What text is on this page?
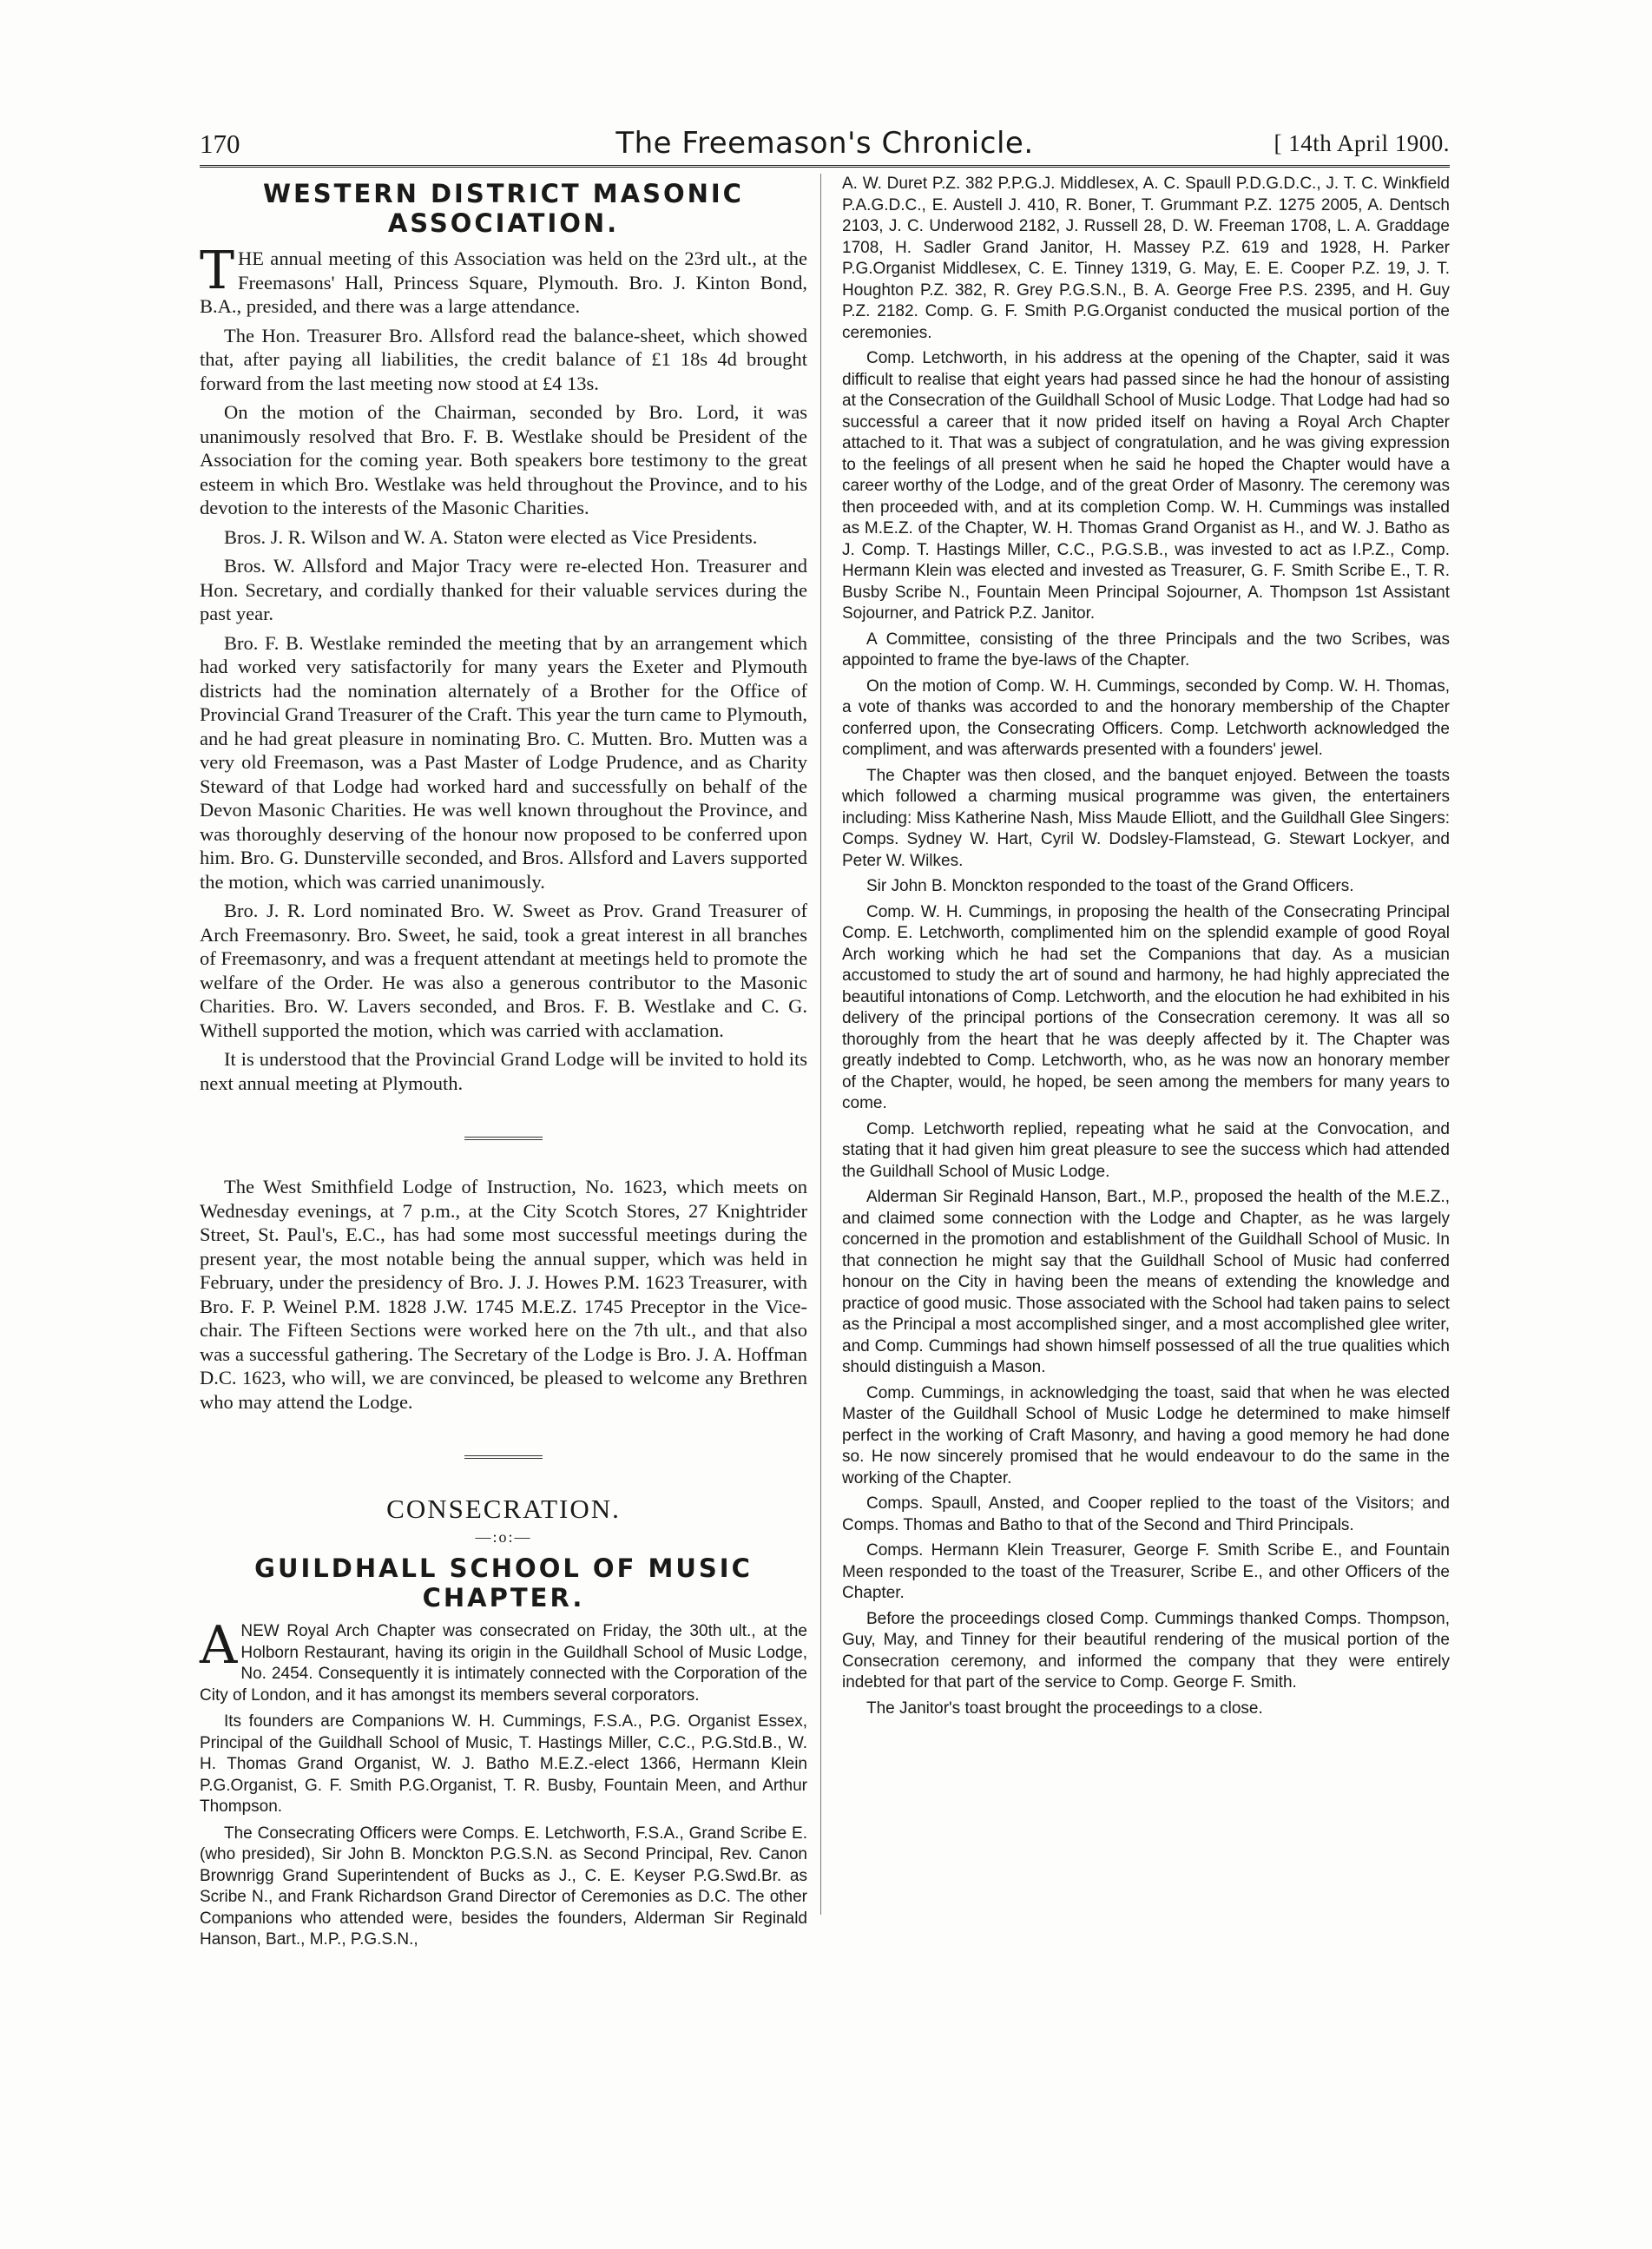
170	The Freemason's Chronicle.	[ 14th April 1900.
WESTERN DISTRICT MASONIC ASSOCIATION.

THE annual meeting of this Association was held on the 23rd ult., at the Freemasons' Hall, Princess Square, Plymouth. Bro. J. Kinton Bond, B.A., presided, and there was a large attendance.

The Hon. Treasurer Bro. Allsford read the balance-sheet, which showed that, after paying all liabilities, the credit balance of £1 18s 4d brought forward from the last meeting now stood at £4 13s.

On the motion of the Chairman, seconded by Bro. Lord, it was unanimously resolved that Bro. F. B. Westlake should be President of the Association for the coming year. Both speakers bore testimony to the great esteem in which Bro. Westlake was held throughout the Province, and to his devotion to the interests of the Masonic Charities.

Bros. J. R. Wilson and W. A. Staton were elected as Vice Presidents.

Bros. W. Allsford and Major Tracy were re-elected Hon. Treasurer and Hon. Secretary, and cordially thanked for their valuable services during the past year.

Bro. F. B. Westlake reminded the meeting that by an arrangement which had worked very satisfactorily for many years the Exeter and Plymouth districts had the nomination alternately of a Brother for the Office of Provincial Grand Treasurer of the Craft. This year the turn came to Plymouth, and he had great pleasure in nominating Bro. C. Mutten. Bro. Mutten was a very old Freemason, was a Past Master of Lodge Prudence, and as Charity Steward of that Lodge had worked hard and successfully on behalf of the Devon Masonic Charities. He was well known throughout the Province, and was thoroughly deserving of the honour now proposed to be conferred upon him. Bro. G. Dunsterville seconded, and Bros. Allsford and Lavers supported the motion, which was carried unanimously.

Bro. J. R. Lord nominated Bro. W. Sweet as Prov. Grand Treasurer of Arch Freemasonry. Bro. Sweet, he said, took a great interest in all branches of Freemasonry, and was a frequent attendant at meetings held to promote the welfare of the Order. He was also a generous contributor to the Masonic Charities. Bro. W. Lavers seconded, and Bros. F. B. Westlake and C. G. Withell supported the motion, which was carried with acclamation.

It is understood that the Provincial Grand Lodge will be invited to hold its next annual meeting at Plymouth.

The West Smithfield Lodge of Instruction, No. 1623, which meets on Wednesday evenings, at 7 p.m., at the City Scotch Stores, 27 Knightrider Street, St. Paul's, E.C., has had some most successful meetings during the present year, the most notable being the annual supper, which was held in February, under the presidency of Bro. J. J. Howes P.M. 1623 Treasurer, with Bro. F. P. Weinel P.M. 1828 J.W. 1745 M.E.Z. 1745 Preceptor in the Vice-chair. The Fifteen Sections were worked here on the 7th ult., and that also was a successful gathering. The Secretary of the Lodge is Bro. J. A. Hoffman D.C. 1623, who will, we are convinced, be pleased to welcome any Brethren who may attend the Lodge.

CONSECRATION.
—:o:—
GUILDHALL SCHOOL OF MUSIC CHAPTER.

ANEW Royal Arch Chapter was consecrated on Friday, the 30th ult., at the Holborn Restaurant, having its origin in the Guildhall School of Music Lodge, No. 2454. Consequently it is intimately connected with the Corporation of the City of London, and it has amongst its members several corporators.

Its founders are Companions W. H. Cummings, F.S.A., P.G. Organist Essex, Principal of the Guildhall School of Music, T. Hastings Miller, C.C., P.G.Std.B., W. H. Thomas Grand Organist, W. J. Batho M.E.Z.-elect 1366, Hermann Klein P.G.Organist, G. F. Smith P.G.Organist, T. R. Busby, Fountain Meen, and Arthur Thompson.

The Consecrating Officers were Comps. E. Letchworth, F.S.A., Grand Scribe E. (who presided), Sir John B. Monckton P.G.S.N. as Second Principal, Rev. Canon Brownrigg Grand Superintendent of Bucks as J., C. E. Keyser P.G.Swd.Br. as Scribe N., and Frank Richardson Grand Director of Ceremonies as D.C. The other Companions who attended were, besides the founders, Alderman Sir Reginald Hanson, Bart., M.P., P.G.S.N.,

A. W. Duret P.Z. 382 P.P.G.J. Middlesex, A. C. Spaull P.D.G.D.C., J. T. C. Winkfield P.A.G.D.C., E. Austell J. 410, R. Boner, T. Grummant P.Z. 1275 2005, A. Dentsch 2103, J. C. Underwood 2182, J. Russell 28, D. W. Freeman 1708, L. A. Graddage 1708, H. Sadler Grand Janitor, H. Massey P.Z. 619 and 1928, H. Parker P.G.Organist Middlesex, C. E. Tinney 1319, G. May, E. E. Cooper P.Z. 19, J. T. Houghton P.Z. 382, R. Grey P.G.S.N., B. A. George Free P.S. 2395, and H. Guy P.Z. 2182. Comp. G. F. Smith P.G.Organist conducted the musical portion of the ceremonies.

Comp. Letchworth, in his address at the opening of the Chapter, said it was difficult to realise that eight years had passed since he had the honour of assisting at the Consecration of the Guildhall School of Music Lodge. That Lodge had had so successful a career that it now prided itself on having a Royal Arch Chapter attached to it. That was a subject of congratulation, and he was giving expression to the feelings of all present when he said he hoped the Chapter would have a career worthy of the Lodge, and of the great Order of Masonry. The ceremony was then proceeded with, and at its completion Comp. W. H. Cummings was installed as M.E.Z. of the Chapter, W. H. Thomas Grand Organist as H., and W. J. Batho as J. Comp. T. Hastings Miller, C.C., P.G.S.B., was invested to act as I.P.Z., Comp. Hermann Klein was elected and invested as Treasurer, G. F. Smith Scribe E., T. R. Busby Scribe N., Fountain Meen Principal Sojourner, A. Thompson 1st Assistant Sojourner, and Patrick P.Z. Janitor.

A Committee, consisting of the three Principals and the two Scribes, was appointed to frame the bye-laws of the Chapter.

On the motion of Comp. W. H. Cummings, seconded by Comp. W. H. Thomas, a vote of thanks was accorded to and the honorary membership of the Chapter conferred upon, the Consecrating Officers. Comp. Letchworth acknowledged the compliment, and was afterwards presented with a founders' jewel.

The Chapter was then closed, and the banquet enjoyed. Between the toasts which followed a charming musical programme was given, the entertainers including: Miss Katherine Nash, Miss Maude Elliott, and the Guildhall Glee Singers: Comps. Sydney W. Hart, Cyril W. Dodsley-Flamstead, G. Stewart Lockyer, and Peter W. Wilkes.

Sir John B. Monckton responded to the toast of the Grand Officers.

Comp. W. H. Cummings, in proposing the health of the Consecrating Principal Comp. E. Letchworth, complimented him on the splendid example of good Royal Arch working which he had set the Companions that day. As a musician accustomed to study the art of sound and harmony, he had highly appreciated the beautiful intonations of Comp. Letchworth, and the elocution he had exhibited in his delivery of the principal portions of the Consecration ceremony. It was all so thoroughly from the heart that he was deeply affected by it. The Chapter was greatly indebted to Comp. Letchworth, who, as he was now an honorary member of the Chapter, would, he hoped, be seen among the members for many years to come.

Comp. Letchworth replied, repeating what he said at the Convocation, and stating that it had given him great pleasure to see the success which had attended the Guildhall School of Music Lodge.

Alderman Sir Reginald Hanson, Bart., M.P., proposed the health of the M.E.Z., and claimed some connection with the Lodge and Chapter, as he was largely concerned in the promotion and establishment of the Guildhall School of Music. In that connection he might say that the Guildhall School of Music had conferred honour on the City in having been the means of extending the knowledge and practice of good music. Those associated with the School had taken pains to select as the Principal a most accomplished singer, and a most accomplished glee writer, and Comp. Cummings had shown himself possessed of all the true qualities which should distinguish a Mason.

Comp. Cummings, in acknowledging the toast, said that when he was elected Master of the Guildhall School of Music Lodge he determined to make himself perfect in the working of Craft Masonry, and having a good memory he had done so. He now sincerely promised that he would endeavour to do the same in the working of the Chapter.

Comps. Spaull, Ansted, and Cooper replied to the toast of the Visitors; and Comps. Thomas and Batho to that of the Second and Third Principals.

Comps. Hermann Klein Treasurer, George F. Smith Scribe E., and Fountain Meen responded to the toast of the Treasurer, Scribe E., and other Officers of the Chapter.

Before the proceedings closed Comp. Cummings thanked Comps. Thompson, Guy, May, and Tinney for their beautiful rendering of the musical portion of the Consecration ceremony, and informed the company that they were entirely indebted for that part of the service to Comp. George F. Smith.

The Janitor's toast brought the proceedings to a close.
